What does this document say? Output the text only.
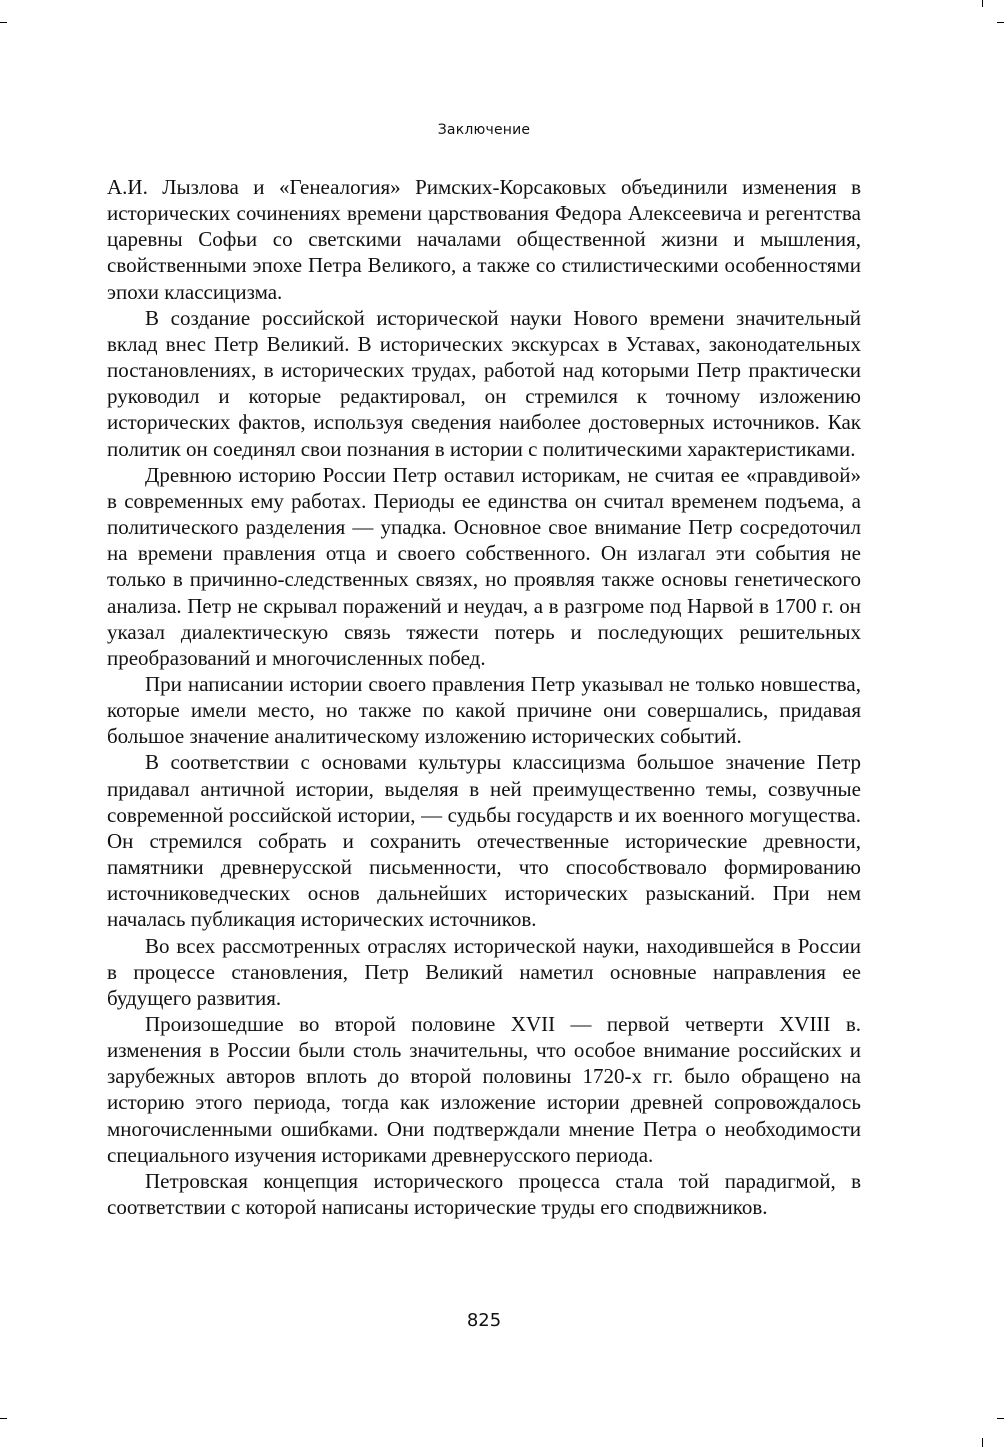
Заключение

А.И. Лызлова и «Генеалогия» Римских-Корсаковых объединили изменения в исторических сочинениях времени царствования Федора Алексеевича и регентства царевны Софьи со светскими началами общественной жизни и мышления, свойственными эпохе Петра Великого, а также со стилистическими особенностями эпохи классицизма.

В создание российской исторической науки Нового времени значительный вклад внес Петр Великий. В исторических экскурсах в Уставах, законодательных постановлениях, в исторических трудах, работой над которыми Петр практически руководил и которые редактировал, он стремился к точному изложению исторических фактов, используя сведения наиболее достоверных источников. Как политик он соединял свои познания в истории с политическими характеристиками.

Древнюю историю России Петр оставил историкам, не считая ее «правдивой» в современных ему работах. Периоды ее единства он считал временем подъема, а политического разделения — упадка. Основное свое внимание Петр сосредоточил на времени правления отца и своего собственного. Он излагал эти события не только в причинно-следственных связях, но проявляя также основы генетического анализа. Петр не скрывал поражений и неудач, а в разгроме под Нарвой в 1700 г. он указал диалектическую связь тяжести потерь и последующих решительных преобразований и многочисленных побед.

При написании истории своего правления Петр указывал не только новшества, которые имели место, но также по какой причине они совершались, придавая большое значение аналитическому изложению исторических событий.

В соответствии с основами культуры классицизма большое значение Петр придавал античной истории, выделяя в ней преимущественно темы, созвучные современной российской истории, — судьбы государств и их военного могущества. Он стремился собрать и сохранить отечественные исторические древности, памятники древнерусской письменности, что способствовало формированию источниковедческих основ дальнейших исторических разысканий. При нем началась публикация исторических источников.

Во всех рассмотренных отраслях исторической науки, находившейся в России в процессе становления, Петр Великий наметил основные направления ее будущего развития.

Произошедшие во второй половине XVII — первой четверти XVIII в. изменения в России были столь значительны, что особое внимание российских и зарубежных авторов вплоть до второй половины 1720-х гг. было обращено на историю этого периода, тогда как изложение истории древней сопровождалось многочисленными ошибками. Они подтверждали мнение Петра о необходимости специального изучения историками древнерусского периода.

Петровская концепция исторического процесса стала той парадигмой, в соответствии с которой написаны исторические труды его сподвижников.

825
